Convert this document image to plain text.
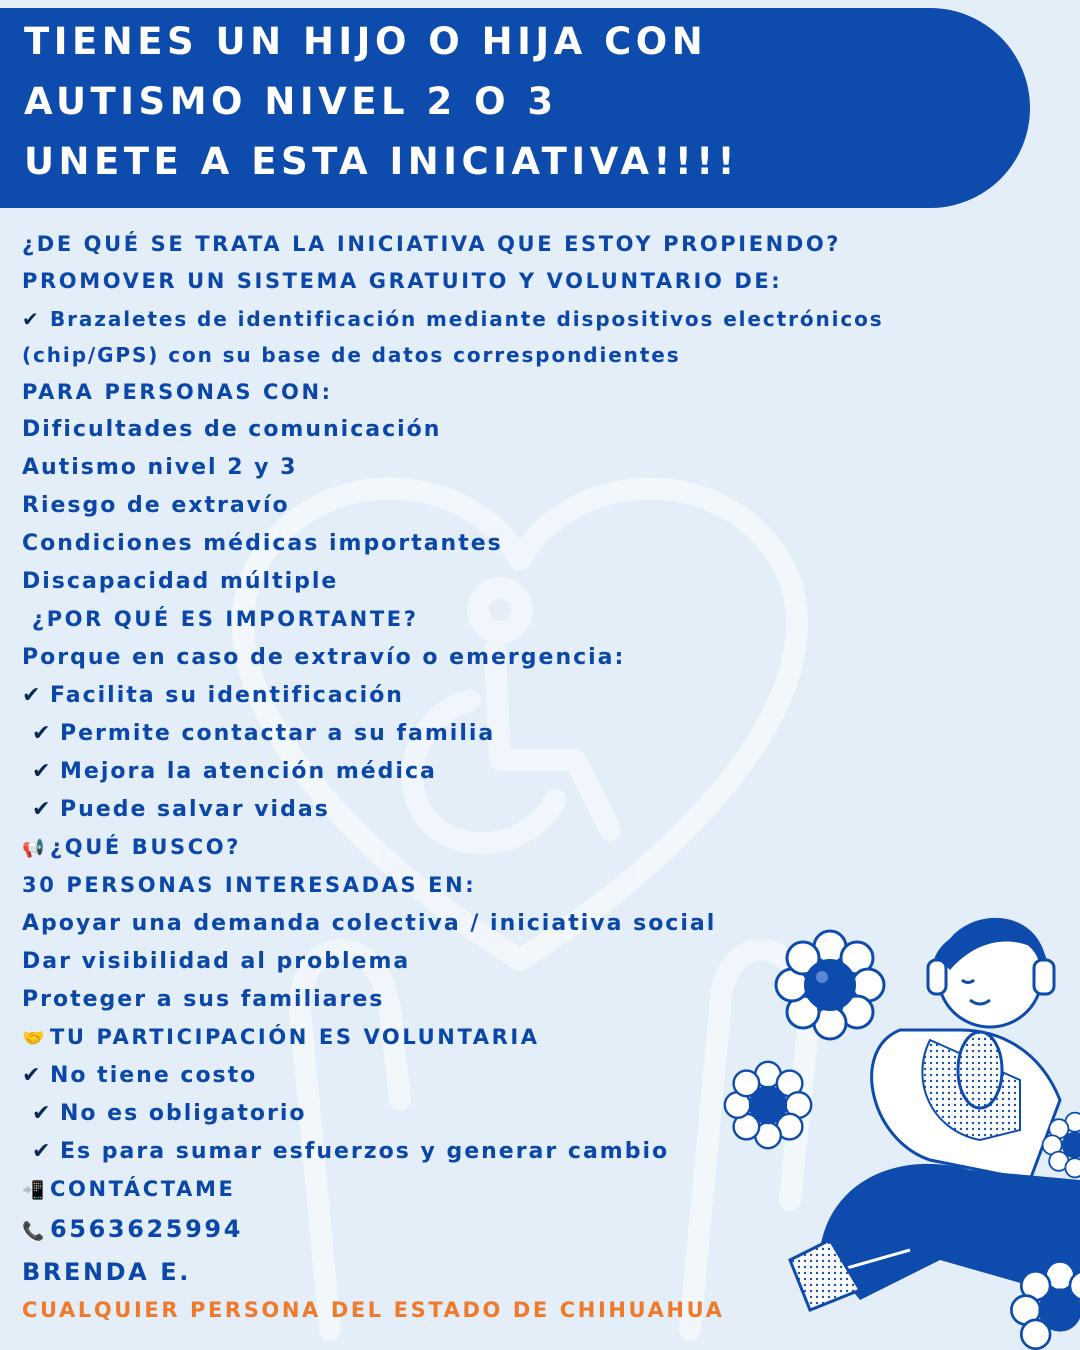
TIENES UN HIJO O HIJA CON
AUTISMO NIVEL 2 O 3
UNETE A ESTA INICIATIVA!!!!
¿DE QUÉ SE TRATA LA INICIATIVA QUE ESTOY PROPIENDO?
PROMOVER UN SISTEMA GRATUITO Y VOLUNTARIO DE:
✔ Brazaletes de identificación mediante dispositivos electrónicos
(chip/GPS) con su base de datos correspondientes
PARA PERSONAS CON:
Dificultades de comunicación
Autismo nivel 2 y 3
Riesgo de extravío
Condiciones médicas importantes
Discapacidad múltiple
¿POR QUÉ ES IMPORTANTE?
Porque en caso de extravío o emergencia:
✔ Facilita su identificación
✔ Permite contactar a su familia
✔ Mejora la atención médica
✔ Puede salvar vidas
📢 ¿QUÉ BUSCO?
30 PERSONAS INTERESADAS EN:
Apoyar una demanda colectiva / iniciativa social
Dar visibilidad al problema
Proteger a sus familiares
🤝 TU PARTICIPACIÓN ES VOLUNTARIA
✔ No tiene costo
✔ No es obligatorio
✔ Es para sumar esfuerzos y generar cambio
📲 CONTÁCTAME
📞 6563625994
BRENDA E.
CUALQUIER PERSONA DEL ESTADO DE CHIHUAHUA
